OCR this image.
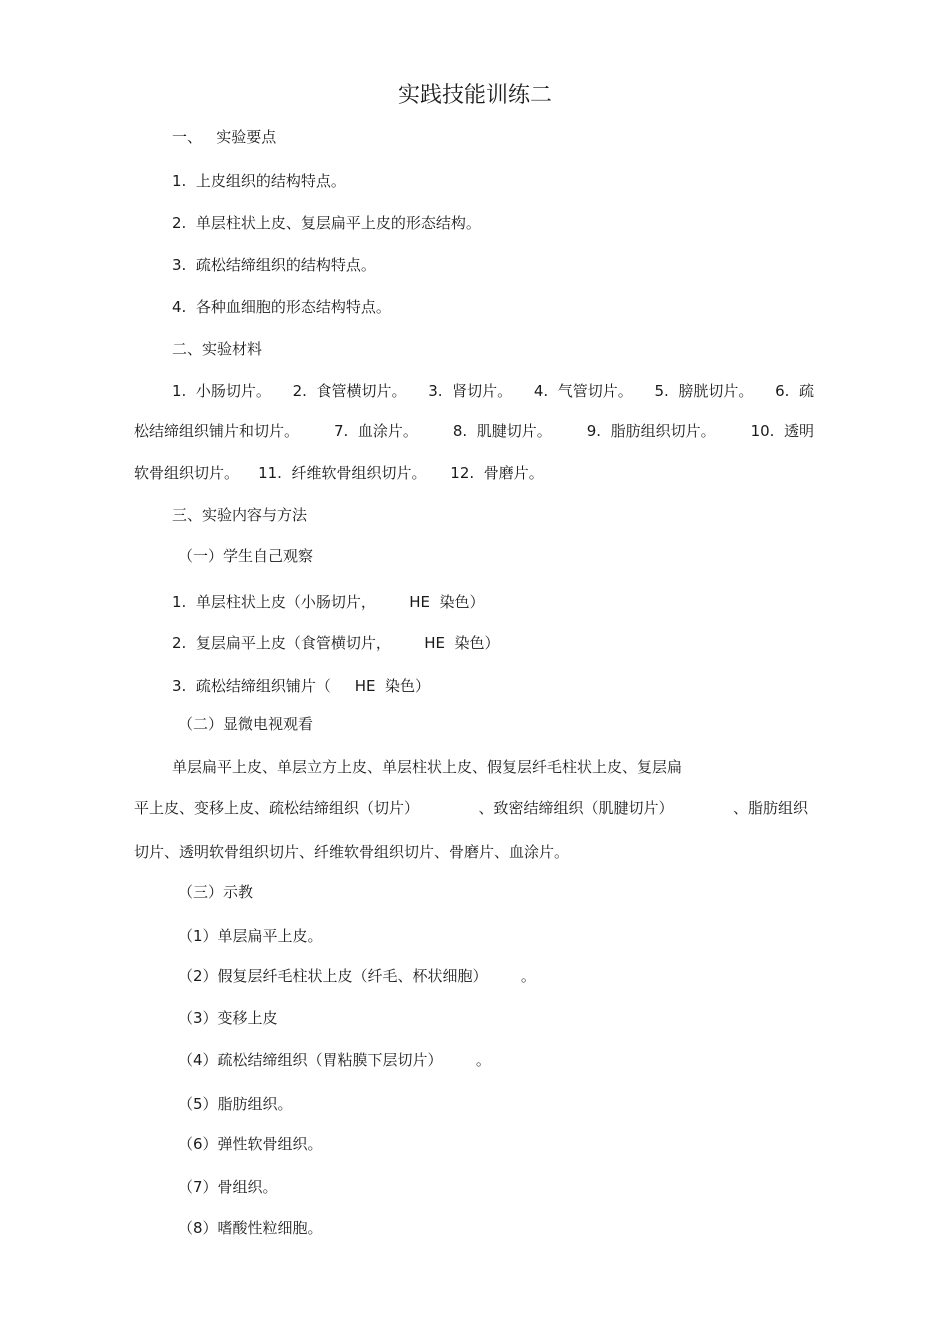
实践技能训练二
一、   实验要点
1.  上皮组织的结构特点。
2.  单层柱状上皮、复层扁平上皮的形态结构。
3.  疏松结缔组织的结构特点。
4.  各种血细胞的形态结构特点。
二、实验材料
1.  小肠切片。 2.  食管横切片。 3.  肾切片。 4.  气管切片。 5.  膀胱切片。 6.  疏
松结缔组织铺片和切片。 7.  血涂片。 8.  肌腱切片。 9.  脂肪组织切片。 10.  透明
软骨组织切片。    11.  纤维软骨组织切片。     12.  骨磨片。
三、实验内容与方法
（一）学生自己观察
1.  单层柱状上皮（小肠切片，       HE  染色）
2.  复层扁平上皮（食管横切片，       HE  染色）
3.  疏松结缔组织铺片（     HE  染色）
（二）显微电视观看
单层扁平上皮、单层立方上皮、单层柱状上皮、假复层纤毛柱状上皮、复层扁
平上皮、变移上皮、疏松结缔组织（切片）	、致密结缔组织（肌腱切片）	、脂肪组织
切片、透明软骨组织切片、纤维软骨组织切片、骨磨片、血涂片。
（三）示教
（1）单层扁平上皮。
（2）假复层纤毛柱状上皮（纤毛、杯状细胞）       。
（3）变移上皮
（4）疏松结缔组织（胃粘膜下层切片）       。
（5）脂肪组织。
（6）弹性软骨组织。
（7）骨组织。
（8）嗜酸性粒细胞。
